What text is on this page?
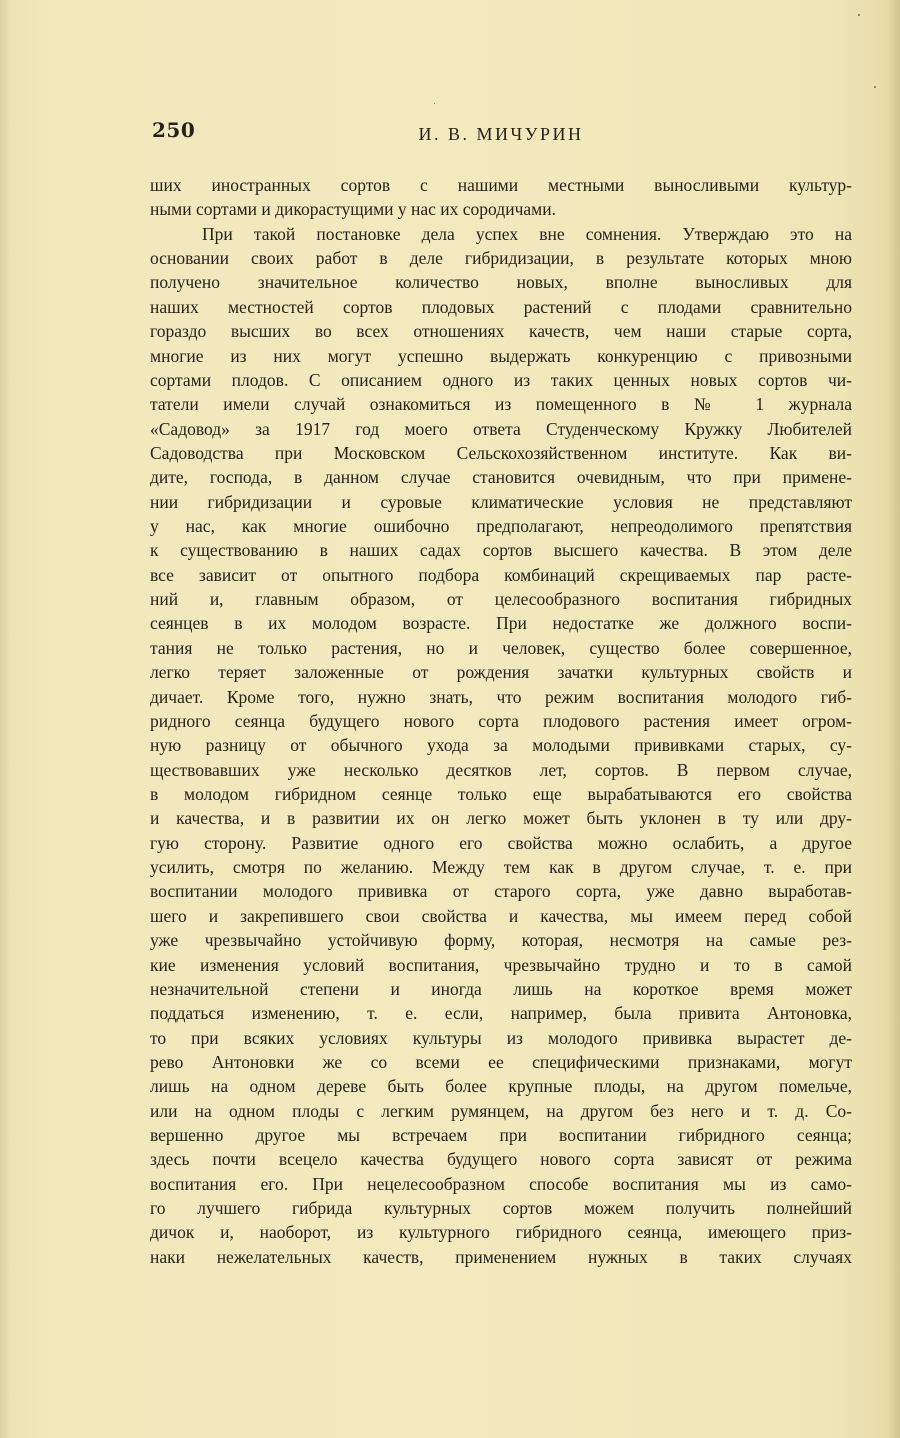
250	И. В. МИЧУРИН
ших иностранных сортов с нашими местными выносливыми культур-
ными сортами и дикорастущими у нас их сородичами.
При такой постановке дела успех вне сомнения. Утверждаю это на
основании своих работ в деле гибридизации, в результате которых мною
получено значительное количество новых, вполне выносливых для
наших местностей сортов плодовых растений с плодами сравнительно
гораздо высших во всех отношениях качеств, чем наши старые сорта,
многие из них могут успешно выдержать конкуренцию с привозными
сортами плодов. С описанием одного из таких ценных новых сортов чи-
татели имели случай ознакомиться из помещенного в № 1 журнала
«Садовод» за 1917 год моего ответа Студенческому Кружку Любителей
Садоводства при Московском Сельскохозяйственном институте. Как ви-
дите, господа, в данном случае становится очевидным, что при примене-
нии гибридизации и суровые климатические условия не представляют
у нас, как многие ошибочно предполагают, непреодолимого препятствия
к существованию в наших садах сортов высшего качества. В этом деле
все зависит от опытного подбора комбинаций скрещиваемых пар расте-
ний и, главным образом, от целесообразного воспитания гибридных
сеянцев в их молодом возрасте. При недостатке же должного воспи-
тания не только растения, но и человек, существо более совершенное,
легко теряет заложенные от рождения зачатки культурных свойств и
дичает. Кроме того, нужно знать, что режим воспитания молодого гиб-
ридного сеянца будущего нового сорта плодового растения имеет огром-
ную разницу от обычного ухода за молодыми прививками старых, су-
ществовавших уже несколько десятков лет, сортов. В первом случае,
в молодом гибридном сеянце только еще вырабатываются его свойства
и качества, и в развитии их он легко может быть уклонен в ту или дру-
гую сторону. Развитие одного его свойства можно ослабить, а другое
усилить, смотря по желанию. Между тем как в другом случае, т. е. при
воспитании молодого прививка от старого сорта, уже давно выработав-
шего и закрепившего свои свойства и качества, мы имеем перед собой
уже чрезвычайно устойчивую форму, которая, несмотря на самые рез-
кие изменения условий воспитания, чрезвычайно трудно и то в самой
незначительной степени и иногда лишь на короткое время может
поддаться изменению, т. е. если, например, была привита Антоновка,
то при всяких условиях культуры из молодого прививка вырастет де-
рево Антоновки же со всеми ее специфическими признаками, могут
лишь на одном дереве быть более крупные плоды, на другом помельче,
или на одном плоды с легким румянцем, на другом без него и т. д. Со-
вершенно другое мы встречаем при воспитании гибридного сеянца;
здесь почти всецело качества будущего нового сорта зависят от режима
воспитания его. При нецелесообразном способе воспитания мы из само-
го лучшего гибрида культурных сортов можем получить полнейший
дичок и, наоборот, из культурного гибридного сеянца, имеющего приз-
наки нежелательных качеств, применением нужных в таких случаях
